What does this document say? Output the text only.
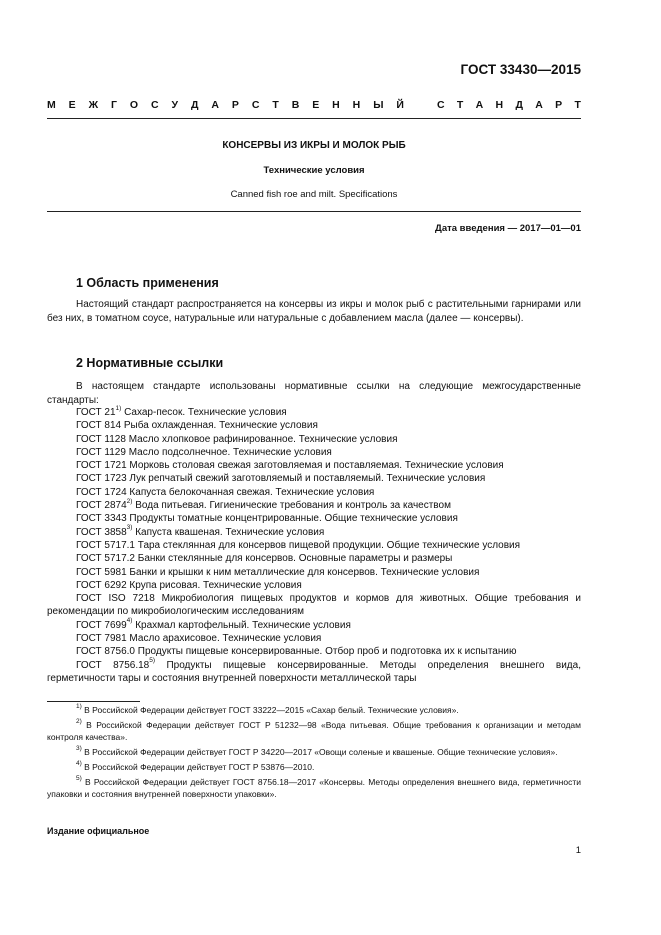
ГОСТ 33430—2015
М Е Ж Г О С У Д А Р С Т В Е Н Н Ы Й	С Т А Н Д А Р Т
КОНСЕРВЫ ИЗ ИКРЫ И МОЛОК РЫБ
Технические условия
Canned fish roe and milt. Specifications
Дата введения — 2017—01—01
1 Область применения
Настоящий стандарт распространяется на консервы из икры и молок рыб с растительными гарнирами или без них, в томатном соусе, натуральные или натуральные с добавлением масла (далее — консервы).
2 Нормативные ссылки
В настоящем стандарте использованы нормативные ссылки на следующие межгосударственные стандарты:
ГОСТ 21$^{1)}$ Сахар-песок. Технические условия
ГОСТ 814 Рыба охлажденная. Технические условия
ГОСТ 1128 Масло хлопковое рафинированное. Технические условия
ГОСТ 1129 Масло подсолнечное. Технические условия
ГОСТ 1721 Морковь столовая свежая заготовляемая и поставляемая. Технические условия
ГОСТ 1723 Лук репчатый свежий заготовляемый и поставляемый. Технические условия
ГОСТ 1724 Капуста белокочанная свежая. Технические условия
ГОСТ 2874$^{2)}$ Вода питьевая. Гигиенические требования и контроль за качеством
ГОСТ 3343 Продукты томатные концентрированные. Общие технические условия
ГОСТ 3858$^{3)}$ Капуста квашеная. Технические условия
ГОСТ 5717.1 Тара стеклянная для консервов пищевой продукции. Общие технические условия
ГОСТ 5717.2 Банки стеклянные для консервов. Основные параметры и размеры
ГОСТ 5981 Банки и крышки к ним металлические для консервов. Технические условия
ГОСТ 6292 Крупа рисовая. Технические условия
ГОСТ ISO 7218 Микробиология пищевых продуктов и кормов для животных. Общие требования и рекомендации по микробиологическим исследованиям
ГОСТ 7699$^{4)}$ Крахмал картофельный. Технические условия
ГОСТ 7981 Масло арахисовое. Технические условия
ГОСТ 8756.0 Продукты пищевые консервированные. Отбор проб и подготовка их к испытанию
ГОСТ 8756.18$^{5)}$ Продукты пищевые консервированные. Методы определения внешнего вида, герметичности тары и состояния внутренней поверхности металлической тары
$^{1)}$ В Российской Федерации действует ГОСТ 33222—2015 «Сахар белый. Технические условия».
$^{2)}$ В Российской Федерации действует ГОСТ Р 51232—98 «Вода питьевая. Общие требования к организации и методам контроля качества».
$^{3)}$ В Российской Федерации действует ГОСТ Р 34220—2017 «Овощи соленые и квашеные. Общие технические условия».
$^{4)}$ В Российской Федерации действует ГОСТ Р 53876—2010.
$^{5)}$ В Российской Федерации действует ГОСТ 8756.18—2017 «Консервы. Методы определения внешнего вида, герметичности упаковки и состояния внутренней поверхности упаковки».
Издание официальное
1
